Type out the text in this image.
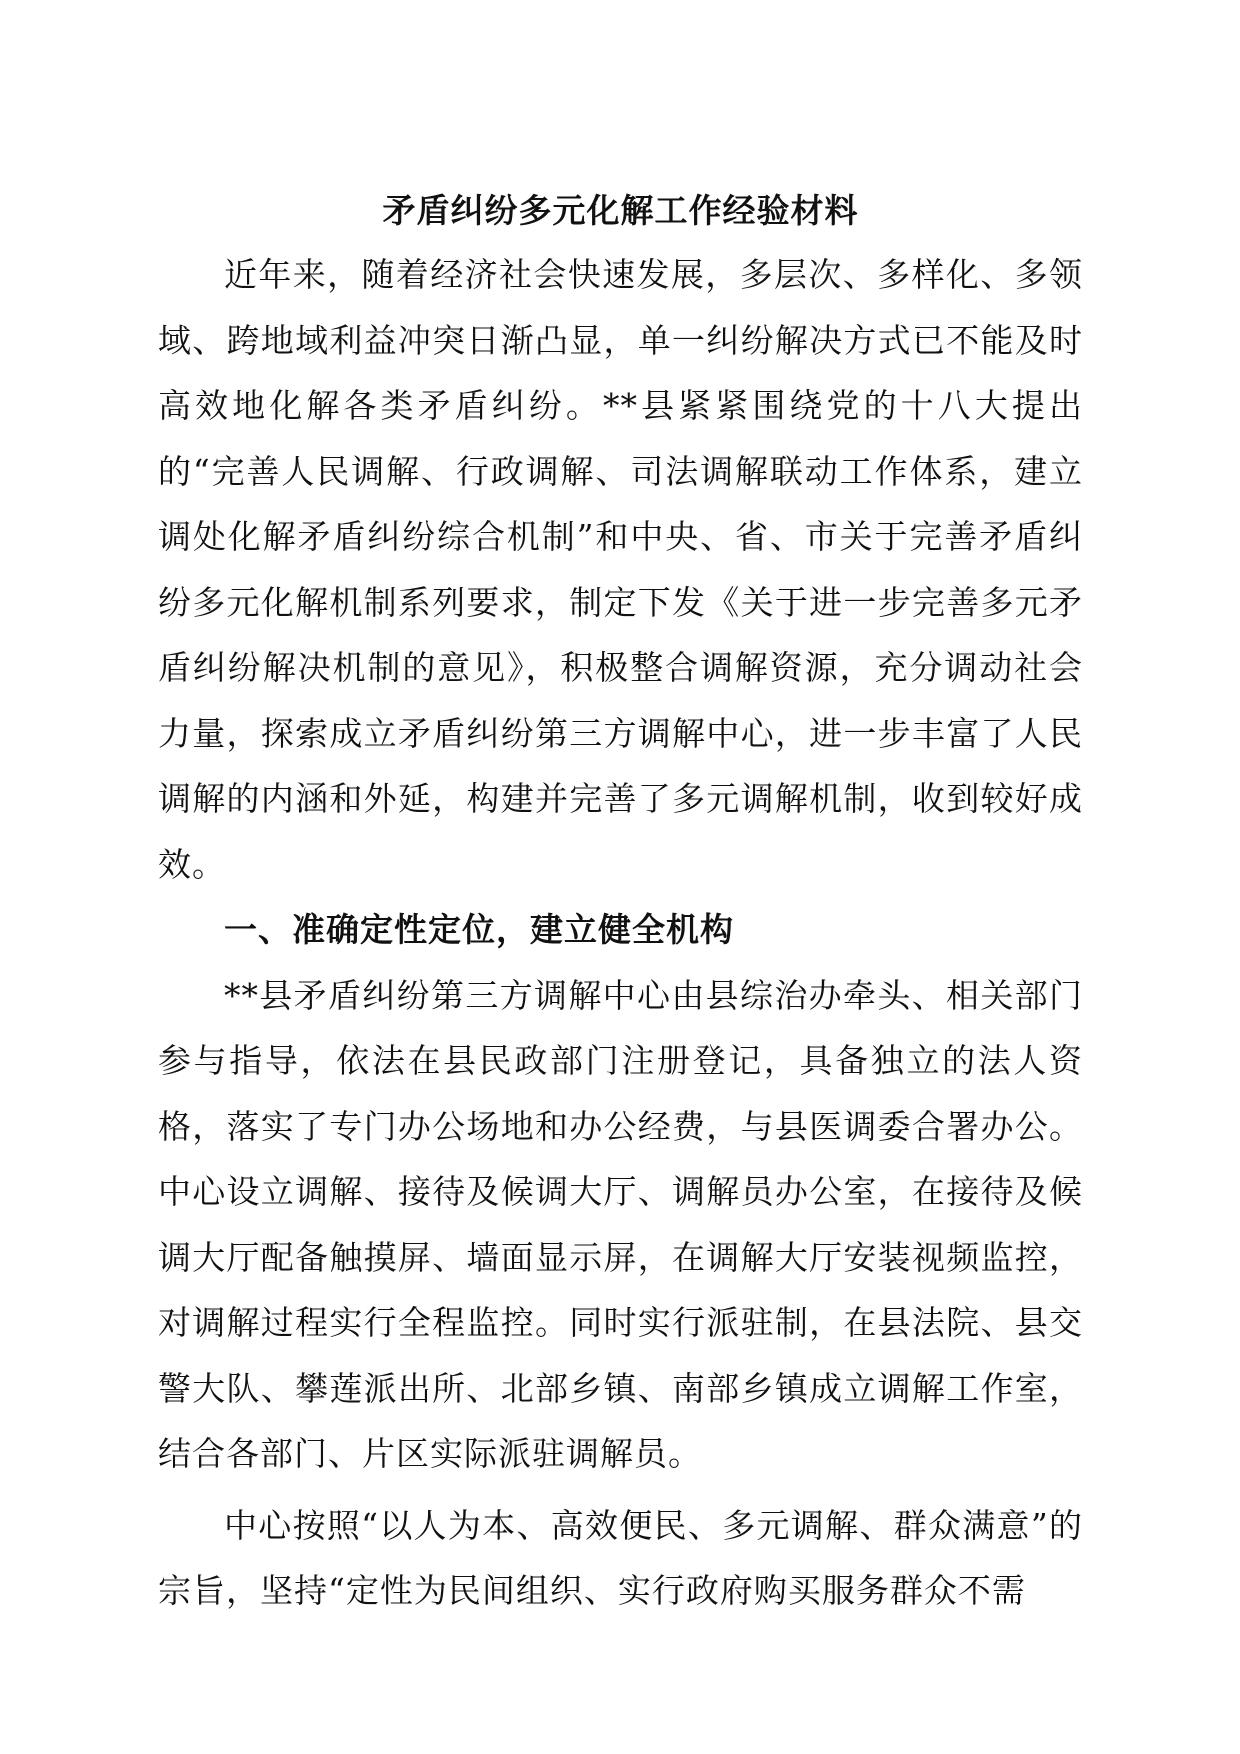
矛盾纠纷多元化解工作经验材料

近年来，随着经济社会快速发展，多层次、多样化、多领域、跨地域利益冲突日渐凸显，单一纠纷解决方式已不能及时高效地化解各类矛盾纠纷。**县紧紧围绕党的十八大提出的“完善人民调解、行政调解、司法调解联动工作体系，建立调处化解矛盾纠纷综合机制”和中央、省、市关于完善矛盾纠纷多元化解机制系列要求，制定下发《关于进一步完善多元矛盾纠纷解决机制的意见》，积极整合调解资源，充分调动社会力量，探索成立矛盾纠纷第三方调解中心，进一步丰富了人民调解的内涵和外延，构建并完善了多元调解机制，收到较好成效。

一、准确定性定位，建立健全机构

**县矛盾纠纷第三方调解中心由县综治办牵头、相关部门参与指导，依法在县民政部门注册登记，具备独立的法人资格，落实了专门办公场地和办公经费，与县医调委合署办公。中心设立调解、接待及候调大厅、调解员办公室，在接待及候调大厅配备触摸屏、墙面显示屏，在调解大厅安装视频监控，对调解过程实行全程监控。同时实行派驻制，在县法院、县交警大队、攀莲派出所、北部乡镇、南部乡镇成立调解工作室，结合各部门、片区实际派驻调解员。

中心按照“以人为本、高效便民、多元调解、群众满意”的宗旨，坚持“定性为民间组织、实行政府购买服务群众不需
